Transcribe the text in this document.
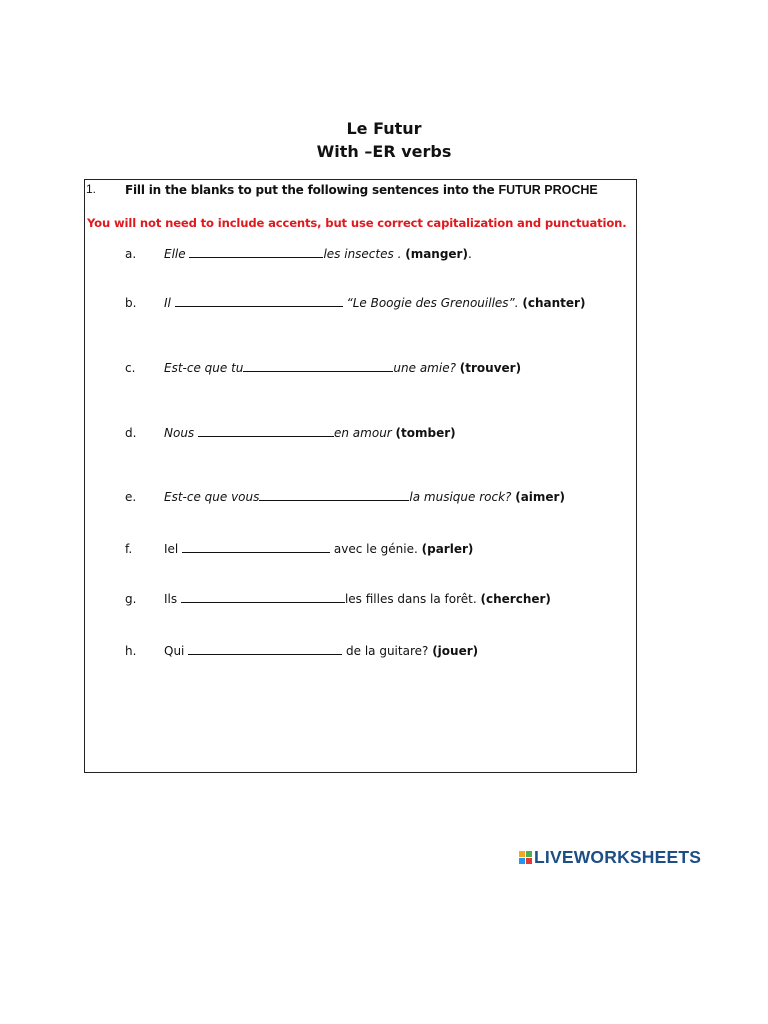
Le Futur
With –ER verbs
1. Fill in the blanks to put the following sentences into the FUTUR PROCHE
You will not need to include accents, but use correct capitalization and punctuation.
a. Elle	les insectes . (manger).
b. Il	“Le Boogie des Grenouilles”. (chanter)
c. Est-ce que tu	une amie? (trouver)
d. Nous	en amour (tomber)
e. Est-ce que vous	la musique rock? (aimer)
f.	Iel	avec le génie. (parler)
g. Ils	les filles dans la forêt. (chercher)
h. Qui	de la guitare? (jouer)
LIVEWORKSHEETS
